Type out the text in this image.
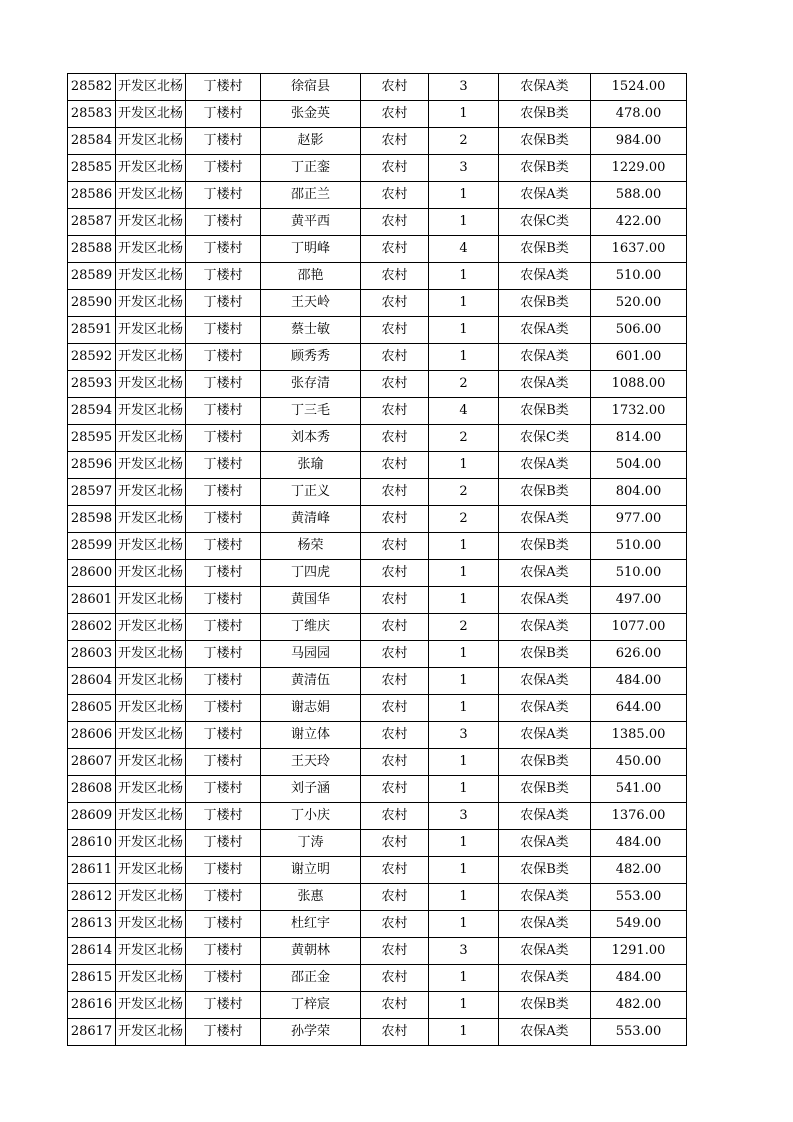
28582	开发区北杨	丁楼村	徐宿县	农村	3	农保A类	1524.00
28583	开发区北杨	丁楼村	张金英	农村	1	农保B类	478.00
28584	开发区北杨	丁楼村	赵影	农村	2	农保B类	984.00
28585	开发区北杨	丁楼村	丁正銮	农村	3	农保B类	1229.00
28586	开发区北杨	丁楼村	邵正兰	农村	1	农保A类	588.00
28587	开发区北杨	丁楼村	黄平西	农村	1	农保C类	422.00
28588	开发区北杨	丁楼村	丁明峰	农村	4	农保B类	1637.00
28589	开发区北杨	丁楼村	邵艳	农村	1	农保A类	510.00
28590	开发区北杨	丁楼村	王天岭	农村	1	农保B类	520.00
28591	开发区北杨	丁楼村	蔡士敏	农村	1	农保A类	506.00
28592	开发区北杨	丁楼村	顾秀秀	农村	1	农保A类	601.00
28593	开发区北杨	丁楼村	张存清	农村	2	农保A类	1088.00
28594	开发区北杨	丁楼村	丁三毛	农村	4	农保B类	1732.00
28595	开发区北杨	丁楼村	刘本秀	农村	2	农保C类	814.00
28596	开发区北杨	丁楼村	张瑜	农村	1	农保A类	504.00
28597	开发区北杨	丁楼村	丁正义	农村	2	农保B类	804.00
28598	开发区北杨	丁楼村	黄清峰	农村	2	农保A类	977.00
28599	开发区北杨	丁楼村	杨荣	农村	1	农保B类	510.00
28600	开发区北杨	丁楼村	丁四虎	农村	1	农保A类	510.00
28601	开发区北杨	丁楼村	黄国华	农村	1	农保A类	497.00
28602	开发区北杨	丁楼村	丁维庆	农村	2	农保A类	1077.00
28603	开发区北杨	丁楼村	马园园	农村	1	农保B类	626.00
28604	开发区北杨	丁楼村	黄清伍	农村	1	农保A类	484.00
28605	开发区北杨	丁楼村	谢志娟	农村	1	农保A类	644.00
28606	开发区北杨	丁楼村	谢立体	农村	3	农保A类	1385.00
28607	开发区北杨	丁楼村	王天玲	农村	1	农保B类	450.00
28608	开发区北杨	丁楼村	刘子涵	农村	1	农保B类	541.00
28609	开发区北杨	丁楼村	丁小庆	农村	3	农保A类	1376.00
28610	开发区北杨	丁楼村	丁涛	农村	1	农保A类	484.00
28611	开发区北杨	丁楼村	谢立明	农村	1	农保B类	482.00
28612	开发区北杨	丁楼村	张惠	农村	1	农保A类	553.00
28613	开发区北杨	丁楼村	杜红宇	农村	1	农保A类	549.00
28614	开发区北杨	丁楼村	黄朝林	农村	3	农保A类	1291.00
28615	开发区北杨	丁楼村	邵正金	农村	1	农保A类	484.00
28616	开发区北杨	丁楼村	丁梓宸	农村	1	农保B类	482.00
28617	开发区北杨	丁楼村	孙学荣	农村	1	农保A类	553.00
